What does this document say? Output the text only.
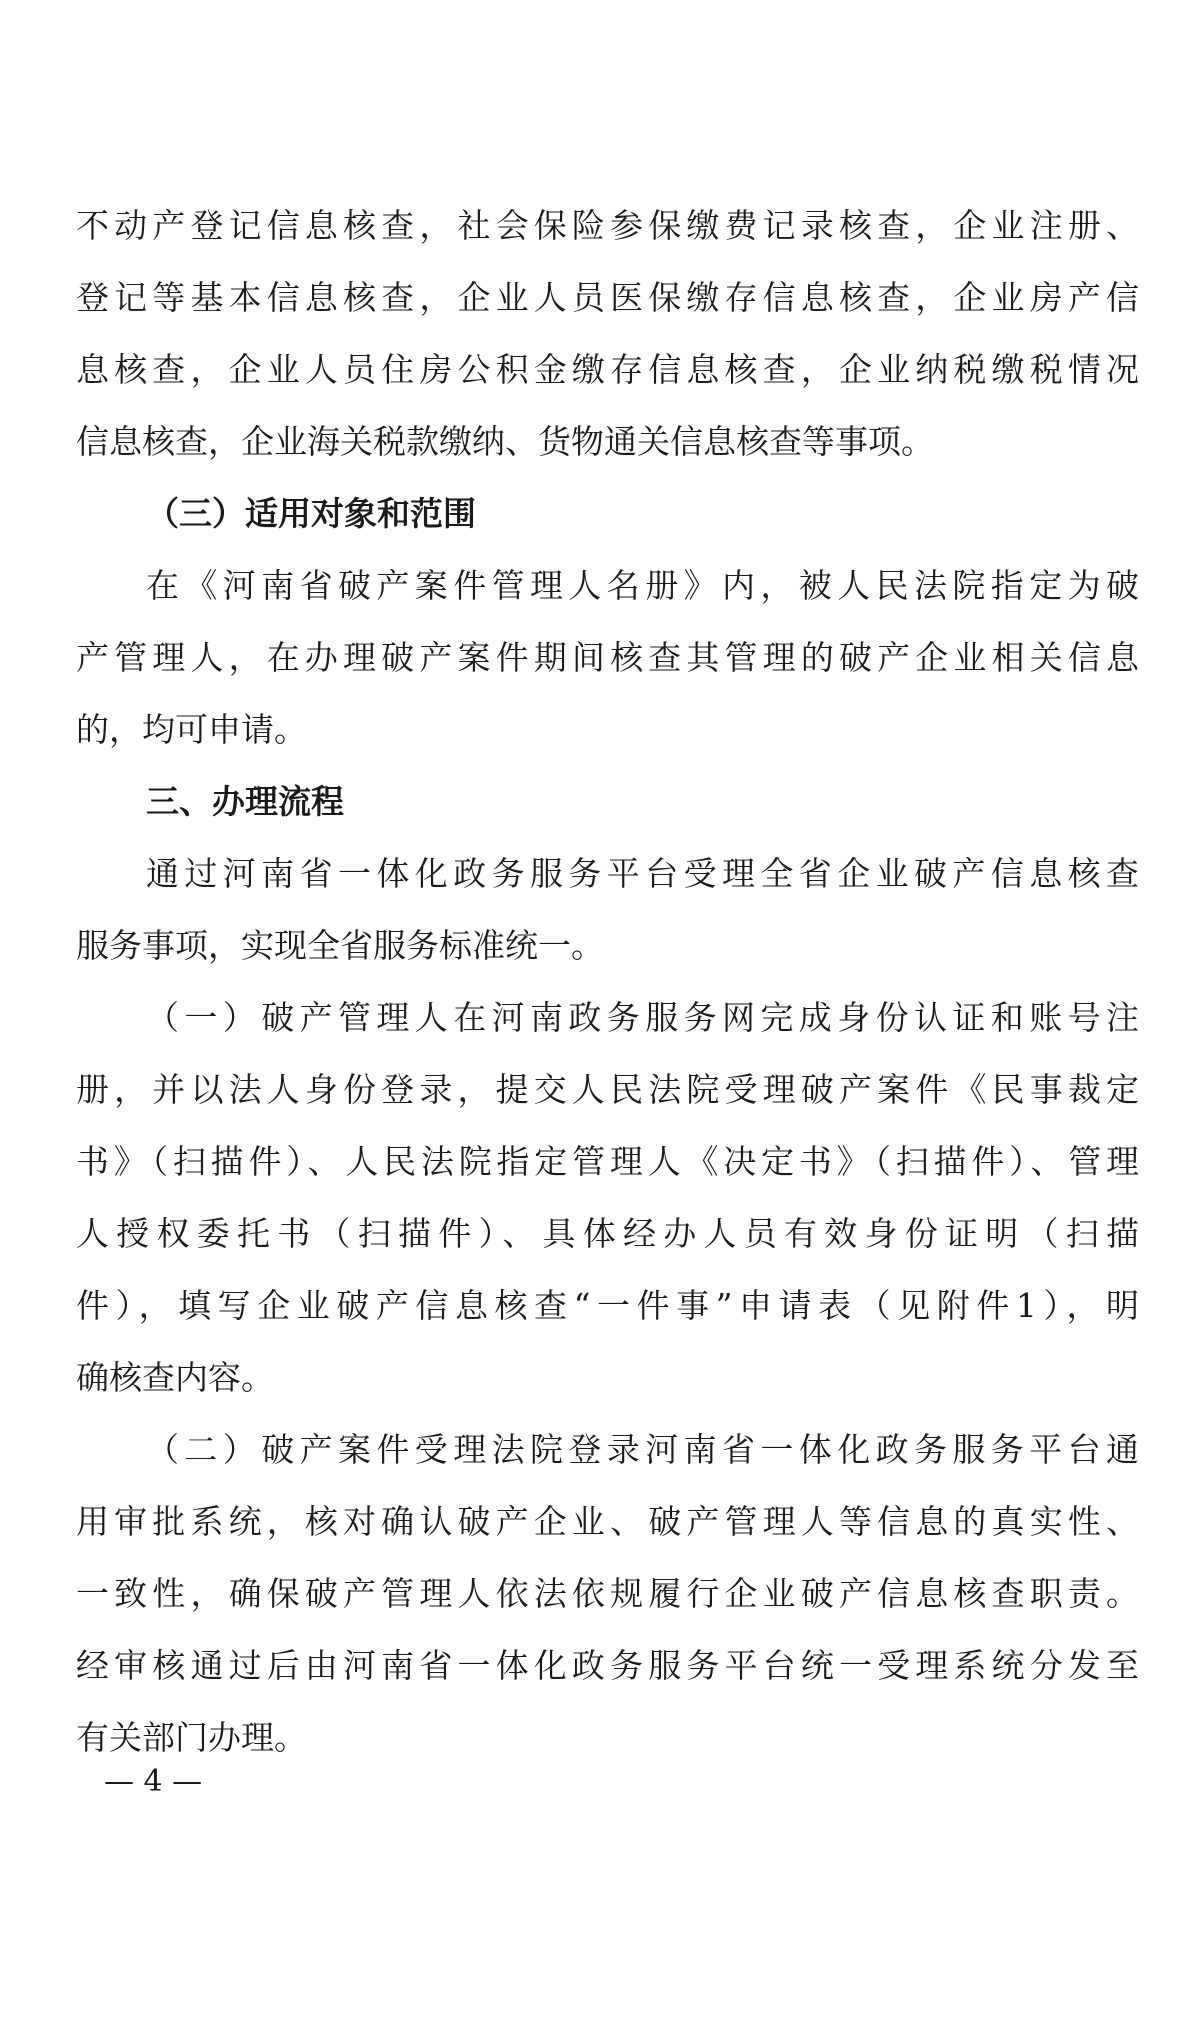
不动产登记信息核查，社会保险参保缴费记录核查，企业注册、
登记等基本信息核查，企业人员医保缴存信息核查，企业房产信
息核查，企业人员住房公积金缴存信息核查，企业纳税缴税情况
信息核查，企业海关税款缴纳、货物通关信息核查等事项。
（三）适用对象和范围
在《河南省破产案件管理人名册》内，被人民法院指定为破
产管理人，在办理破产案件期间核查其管理的破产企业相关信息
的，均可申请。
三、办理流程
通过河南省一体化政务服务平台受理全省企业破产信息核查
服务事项，实现全省服务标准统一。
（一）破产管理人在河南政务服务网完成身份认证和账号注
册，并以法人身份登录，提交人民法院受理破产案件《民事裁定
书》（扫描件）、人民法院指定管理人《决定书》（扫描件）、管理
人授权委托书（扫描件）、具体经办人员有效身份证明（扫描
件），填写企业破产信息核查“一件事”申请表（见附件1），明
确核查内容。
（二）破产案件受理法院登录河南省一体化政务服务平台通
用审批系统，核对确认破产企业、破产管理人等信息的真实性、
一致性，确保破产管理人依法依规履行企业破产信息核查职责。
经审核通过后由河南省一体化政务服务平台统一受理系统分发至
有关部门办理。
— 4 —
